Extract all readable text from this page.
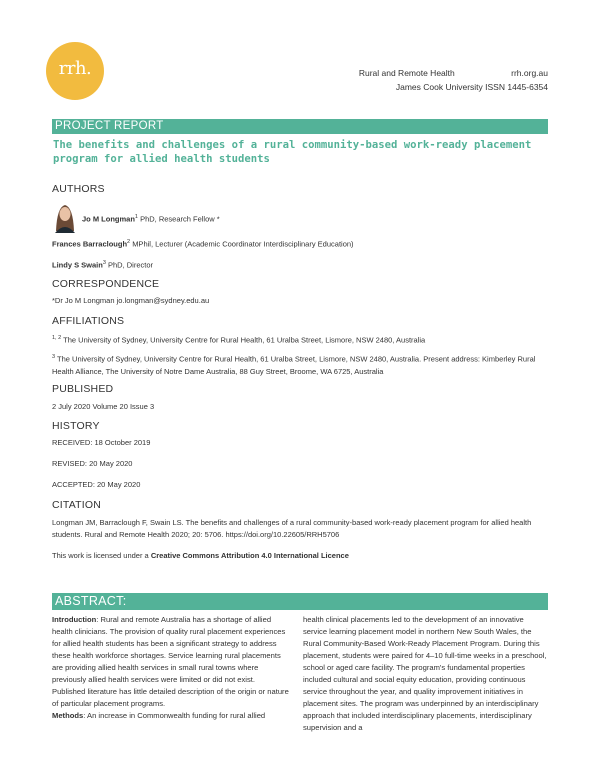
rrh.	Rural and Remote Health	rrh.org.au
James Cook University ISSN 1445-6354
PROJECT REPORT
The benefits and challenges of a rural community-based work-ready placement program for allied health students
AUTHORS
Jo M Longman$^1$ PhD, Research Fellow *
Frances Barraclough$^2$ MPhil, Lecturer (Academic Coordinator Interdisciplinary Education)
Lindy S Swain$^3$ PhD, Director
CORRESPONDENCE
*Dr Jo M Longman jo.longman@sydney.edu.au
AFFILIATIONS
$^{1, 2}$ The University of Sydney, University Centre for Rural Health, 61 Uralba Street, Lismore, NSW 2480, Australia
$^3$ The University of Sydney, University Centre for Rural Health, 61 Uralba Street, Lismore, NSW 2480, Australia. Present address: Kimberley Rural Health Alliance, The University of Notre Dame Australia, 88 Guy Street, Broome, WA 6725, Australia
PUBLISHED
2 July 2020 Volume 20 Issue 3
HISTORY
RECEIVED: 18 October 2019
REVISED: 20 May 2020
ACCEPTED: 20 May 2020
CITATION
Longman JM, Barraclough F, Swain LS. The benefits and challenges of a rural community-based work-ready placement program for allied health students. Rural and Remote Health 2020; 20: 5706. https://doi.org/10.22605/RRH5706
This work is licensed under a Creative Commons Attribution 4.0 International Licence
ABSTRACT:
Introduction: Rural and remote Australia has a shortage of allied health clinicians. The provision of quality rural placement experiences for allied health students has been a significant strategy to address these health workforce shortages. Service learning rural placements are providing allied health services in small rural towns where previously allied health services were limited or did not exist. Published literature has little detailed description of the origin or nature of particular placement programs.
Methods: An increase in Commonwealth funding for rural allied
health clinical placements led to the development of an innovative service learning placement model in northern New South Wales, the Rural Community-Based Work-Ready Placement Program. During this placement, students were paired for 4–10 full-time weeks in a preschool, school or aged care facility. The program's fundamental properties included cultural and social equity education, providing continuous service throughout the year, and quality improvement initiatives in placement sites. The program was underpinned by an interdisciplinary approach that included interdisciplinary placements, interdisciplinary supervision and a
